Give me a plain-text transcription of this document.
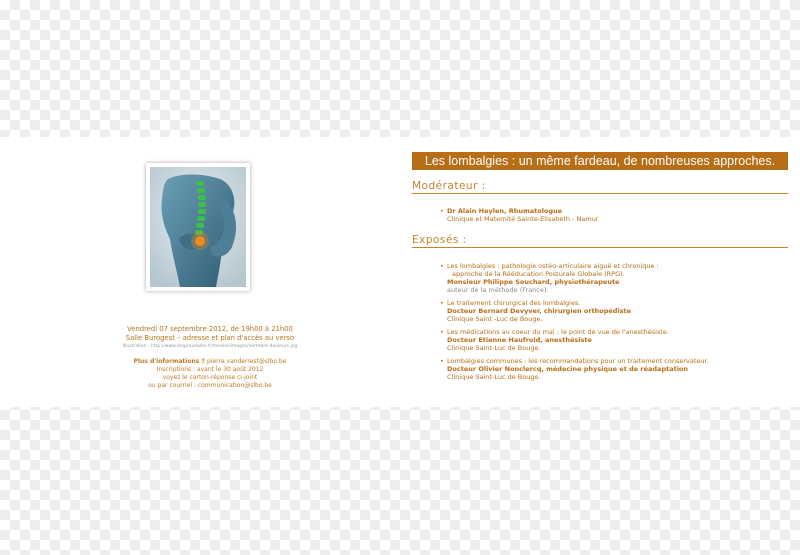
Vendredi 07 septembre 2012, de 19h00 à 21h00
Salle Burogest – adresse et plan d'accès au verso
Illustration : http://www.strgiraudalex.fr/medias/images/vertebre-douleurs.jpg
Plus d'informations ? pierre.vanderrest@slbo.be
Inscriptions : avant le 30 août 2012
voyez le carton-réponse ci-joint
ou par courriel : communication@slbo.be
Les lombalgies : un même fardeau, de nombreuses approches.
Modérateur :
• Dr Alain Heylen, Rhumatologue
Clinique et Maternité Sainte-Elisabeth - Namur
Exposés :
• Les lombalgies : pathologie ostéo-articulaire aiguë et chronique :
approche de la Rééducation Posturale Globale (RPG).
Monsieur Philippe Souchard, physiothérapeute
auteur de la méthode (France).
• Le traitement chirurgical des lombalgies.
Docteur Bernard Devyver, chirurgien orthopédiste
Clinique Saint -Luc de Bouge.
• Les médications au coeur du mal : le point de vue de l'anesthésiste.
Docteur Etienne Haufroid, anesthésiste
Clinique Saint-Luc de Bouge.
• Lombalgies communes : les recommandations pour un traitement conservateur.
Docteur Olivier Nonclercq, médecine physique et de réadaptation
Clinique Saint-Luc de Bouge.
